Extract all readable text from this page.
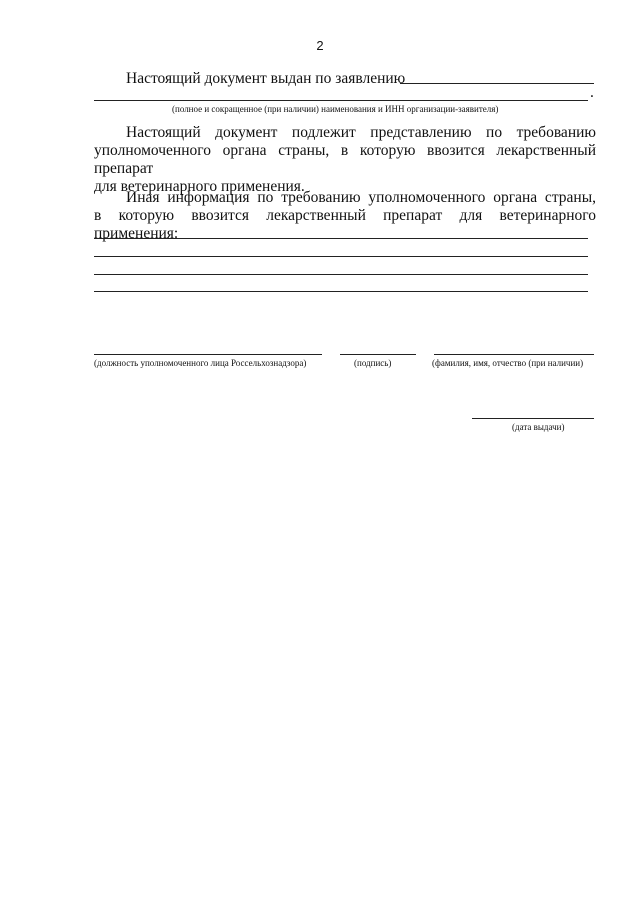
2
Настоящий документ выдан по заявлению
.
(полное и сокращенное (при наличии) наименования и ИНН организации-заявителя)
Настоящий документ подлежит представлению по требованию
уполномоченного органа страны, в которую ввозится лекарственный препарат
для ветеринарного применения.
Иная информация по требованию уполномоченного органа страны,
в которую ввозится лекарственный препарат для ветеринарного применения:
(должность уполномоченного лица Россельхознадзора)	(подпись)	(фамилия, имя, отчество (при наличии)
(дата выдачи)
